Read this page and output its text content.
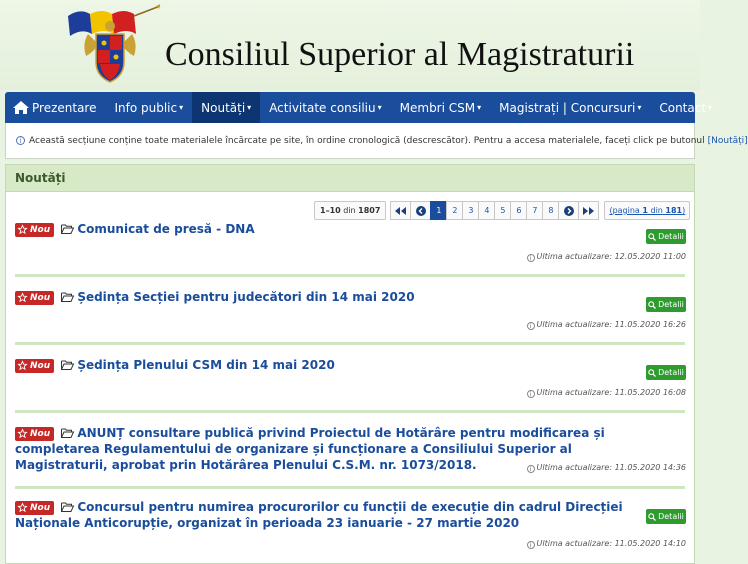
Consiliul Superior al Magistraturii
Prezentare Info public ▾ Noutăți ▾ Activitate consiliu ▾ Membri CSM ▾ Magistrați | Concursuri ▾ Contact ▾
i Această secțiune conține toate materialele încărcate pe site, în ordine cronologică (descrescător). Pentru a accesa materialele, faceți click pe butonul [Noutăți]
Noutăți
1–10
din
1807	1	2	3	4	5	6	7	8	( pagina
1
din
181 )
Nou Comunicat de presă - DNA
Detalii
i Ultima actualizare: 12.05.2020 11:00
Nou Ședința Secției pentru judecători din 14 mai 2020
Detalii
i Ultima actualizare: 11.05.2020 16:26
Nou Ședința Plenului CSM din 14 mai 2020
Detalii
i Ultima actualizare: 11.05.2020 16:08
Nou ANUNȚ consultare publică privind Proiectul de Hotărâre pentru modificarea și completarea Regulamentului de organizare și funcționare a Consiliului Superior al Magistraturii, aprobat prin Hotărârea Plenului C.S.M. nr. 1073/2018.	i Ultima actualizare: 11.05.2020 14:36
Nou Concursul pentru numirea procurorilor cu funcții de execuție din cadrul Direcției Naționale Anticorupție, organizat în perioada 23 ianuarie - 27 martie 2020	Detalii
i Ultima actualizare: 11.05.2020 14:10
